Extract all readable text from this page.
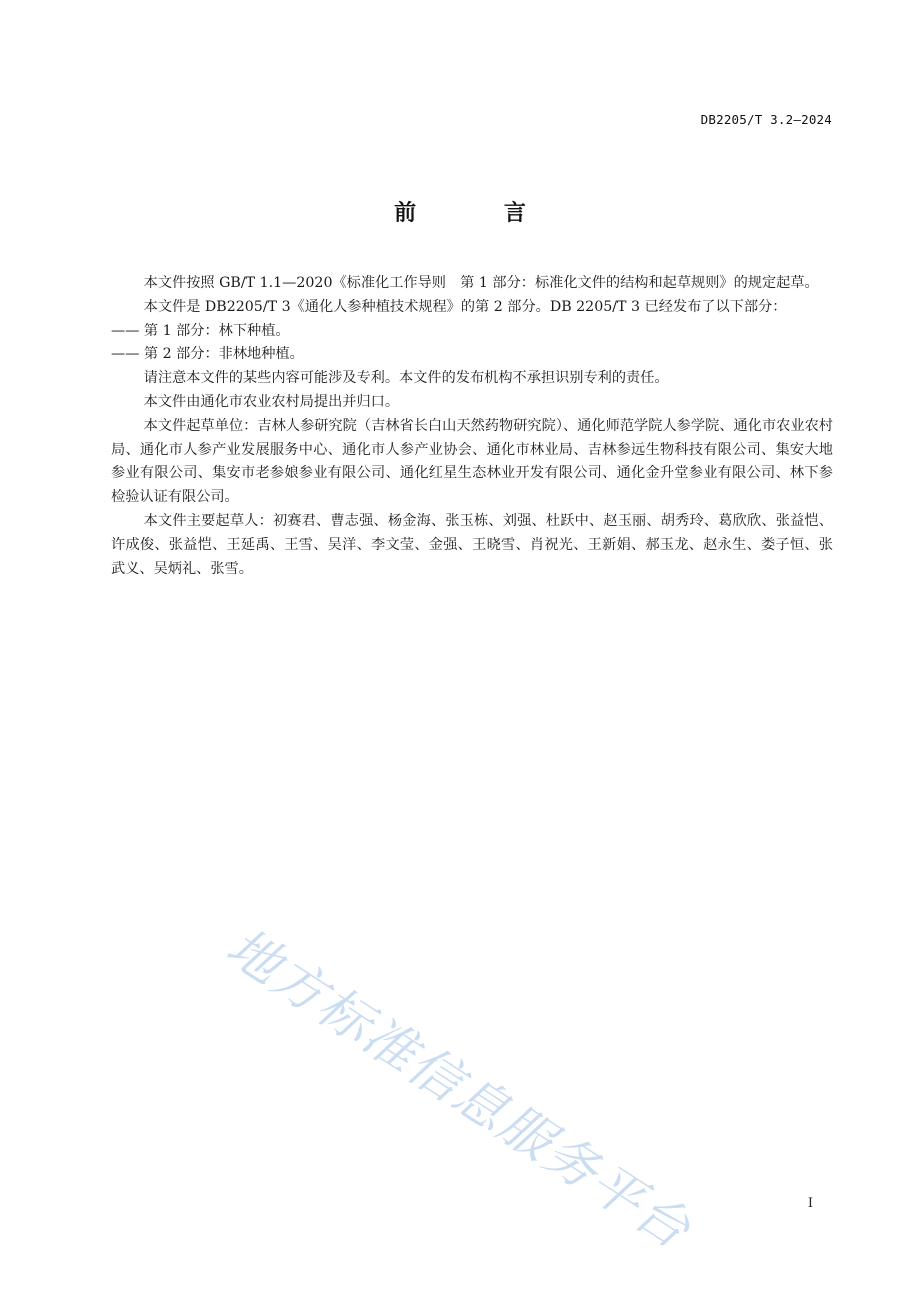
DB2205/T 3.2—2024
前 言

本文件按照 GB/T 1.1—2020《标准化工作导则　第 1 部分：标准化文件的结构和起草规则》的规定起草。

本文件是 DB2205/T 3《通化人参种植技术规程》的第 2 部分。DB 2205/T 3 已经发布了以下部分：

—— 第 1 部分：林下种植。

—— 第 2 部分：非林地种植。

请注意本文件的某些内容可能涉及专利。本文件的发布机构不承担识别专利的责任。

本文件由通化市农业农村局提出并归口。

本文件起草单位：吉林人参研究院（吉林省长白山天然药物研究院）、通化师范学院人参学院、通化市农业农村局、通化市人参产业发展服务中心、通化市人参产业协会、通化市林业局、吉林参远生物科技有限公司、集安大地参业有限公司、集安市老参娘参业有限公司、通化红星生态林业开发有限公司、通化金升堂参业有限公司、林下参检验认证有限公司。

本文件主要起草人：初赛君、曹志强、杨金海、张玉栋、刘强、杜跃中、赵玉丽、胡秀玲、葛欣欣、张益恺、许成俊、张益恺、王延禹、王雪、吴洋、李文莹、金强、王晓雪、肖祝光、王新娟、郝玉龙、赵永生、娄子恒、张武义、吴炳礼、张雪。

地方标准信息服务平台	I
